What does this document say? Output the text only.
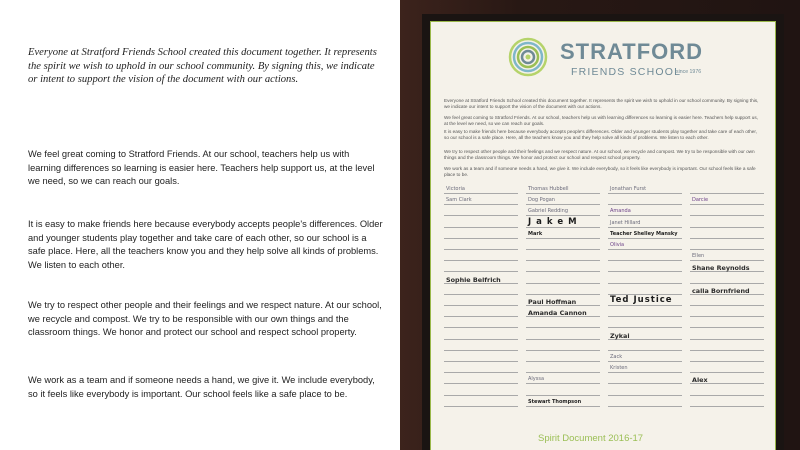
Everyone at Stratford Friends School created this document together. It represents the spirit we wish to uphold in our school community. By signing this, we indicate or intent to support the vision of the document with our actions.

We feel great coming to Stratford Friends. At our school, teachers help us with learning differences so learning is easier here. Teachers help support us, at the level we need, so we can reach our goals.

It is easy to make friends here because everybody accepts people's differences. Older and younger students play together and take care of each other, so our school is a safe place. Here, all the teachers know you and they help solve all kinds of problems. We listen to each other.

We try to respect other people and their feelings and we respect nature. At our school, we recycle and compost. We try to be responsible with our own things and the classroom things. We honor and protect our school and respect school property.

We work as a team and if someone needs a hand, we give it. We include everybody, so it feels like everybody is important. Our school feels like a safe place to be.

STRATFORD
FRIENDS SCHOOL
since 1976

Everyone at Stratford Friends School created this document together. It represents the spirit we wish to uphold in our school community. By signing this, we indicate our intent to support the vision of the document with our actions.

We feel great coming to Stratford Friends. At our school, teachers help us with learning differences so learning is easier here. Teachers help support us, at the level we need, so we can reach our goals.

It is easy to make friends here because everybody accepts people's differences. Older and younger students play together and take care of each other, so our school is a safe place. Here, all the teachers know you and they help solve all kinds of problems. We listen to each other.

We try to respect other people and their feelings and we respect nature. At our school, we recycle and compost. We try to be responsible with our own things and the classroom things. We honor and protect our school and respect school property.

We work as a team and if someone needs a hand, we give it. We include everybody, so it feels like everybody is important. Our school feels like a safe place to be.

Victoria
Sam Clark
Sophie Belfrich
Thomas Hubbell
Dog Pogan
Gabriel Redding
J a k e M
Mark
Paul Hoffman
Amanda Cannon
Alyssa
Stewart Thompson
Jonathan Furst
Amanda
Janet Hillard
Teacher Shelley Mansky
Olivia
Ted Justice
Zykai
Zack
Kristen
Darcie
Ellen
Shane Reynolds
calla Bornfriend
Alex
Spirit Document 2016-17
